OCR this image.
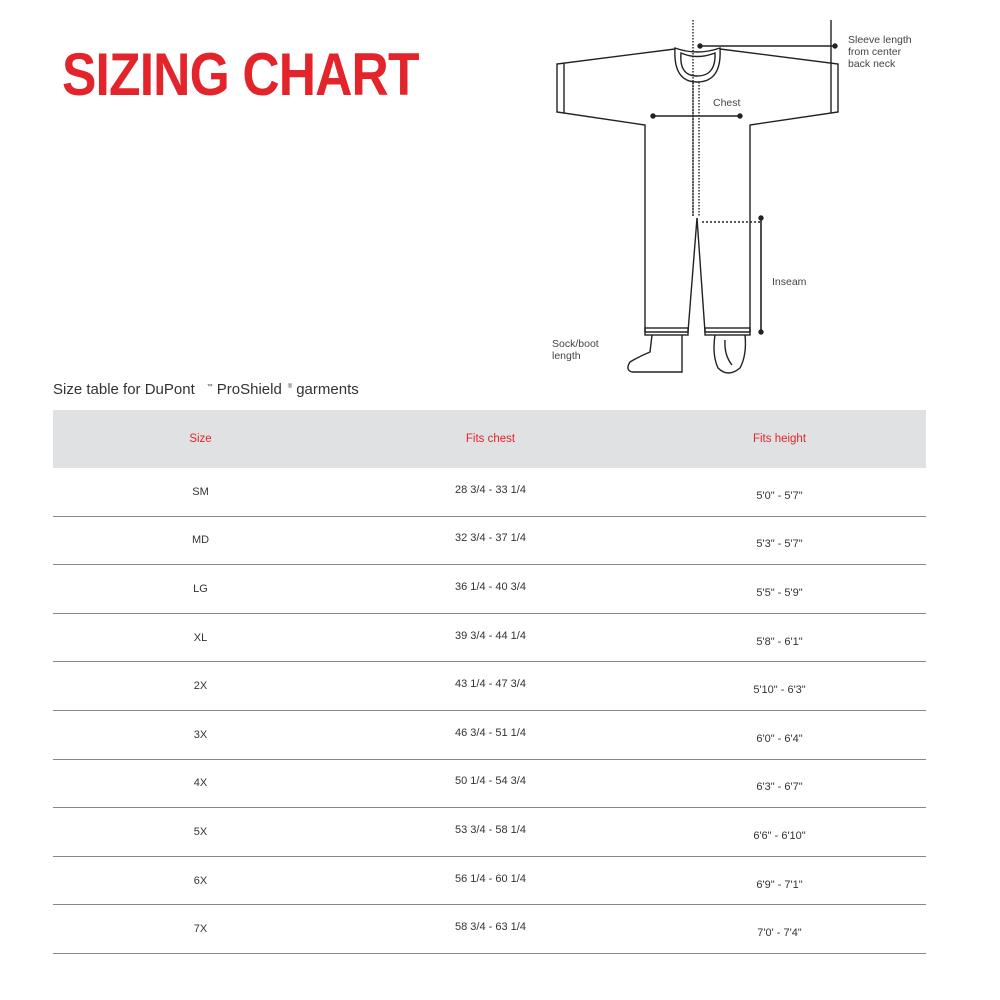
SIZING CHART
Sleeve length
from center
back neck
Chest
Inseam
Sock/boot
length
Size table for DuPont ™ ProShield ® garments
Size	Fits chest	Fits height
SM	28 3/4 - 33 1/4	5'0" - 5'7"
MD	32 3/4 - 37 1/4	5'3" - 5'7"
LG	36 1/4 - 40 3/4	5'5" - 5'9"
XL	39 3/4 - 44 1/4	5'8" - 6'1"
2X	43 1/4 - 47 3/4	5'10" - 6'3"
3X	46 3/4 - 51 1/4	6'0" - 6'4"
4X	50 1/4 - 54 3/4	6'3" - 6'7"
5X	53 3/4 - 58 1/4	6'6" - 6'10"
6X	56 1/4 - 60 1/4	6'9" - 7'1"
7X	58 3/4 - 63 1/4	7'0' - 7'4"
